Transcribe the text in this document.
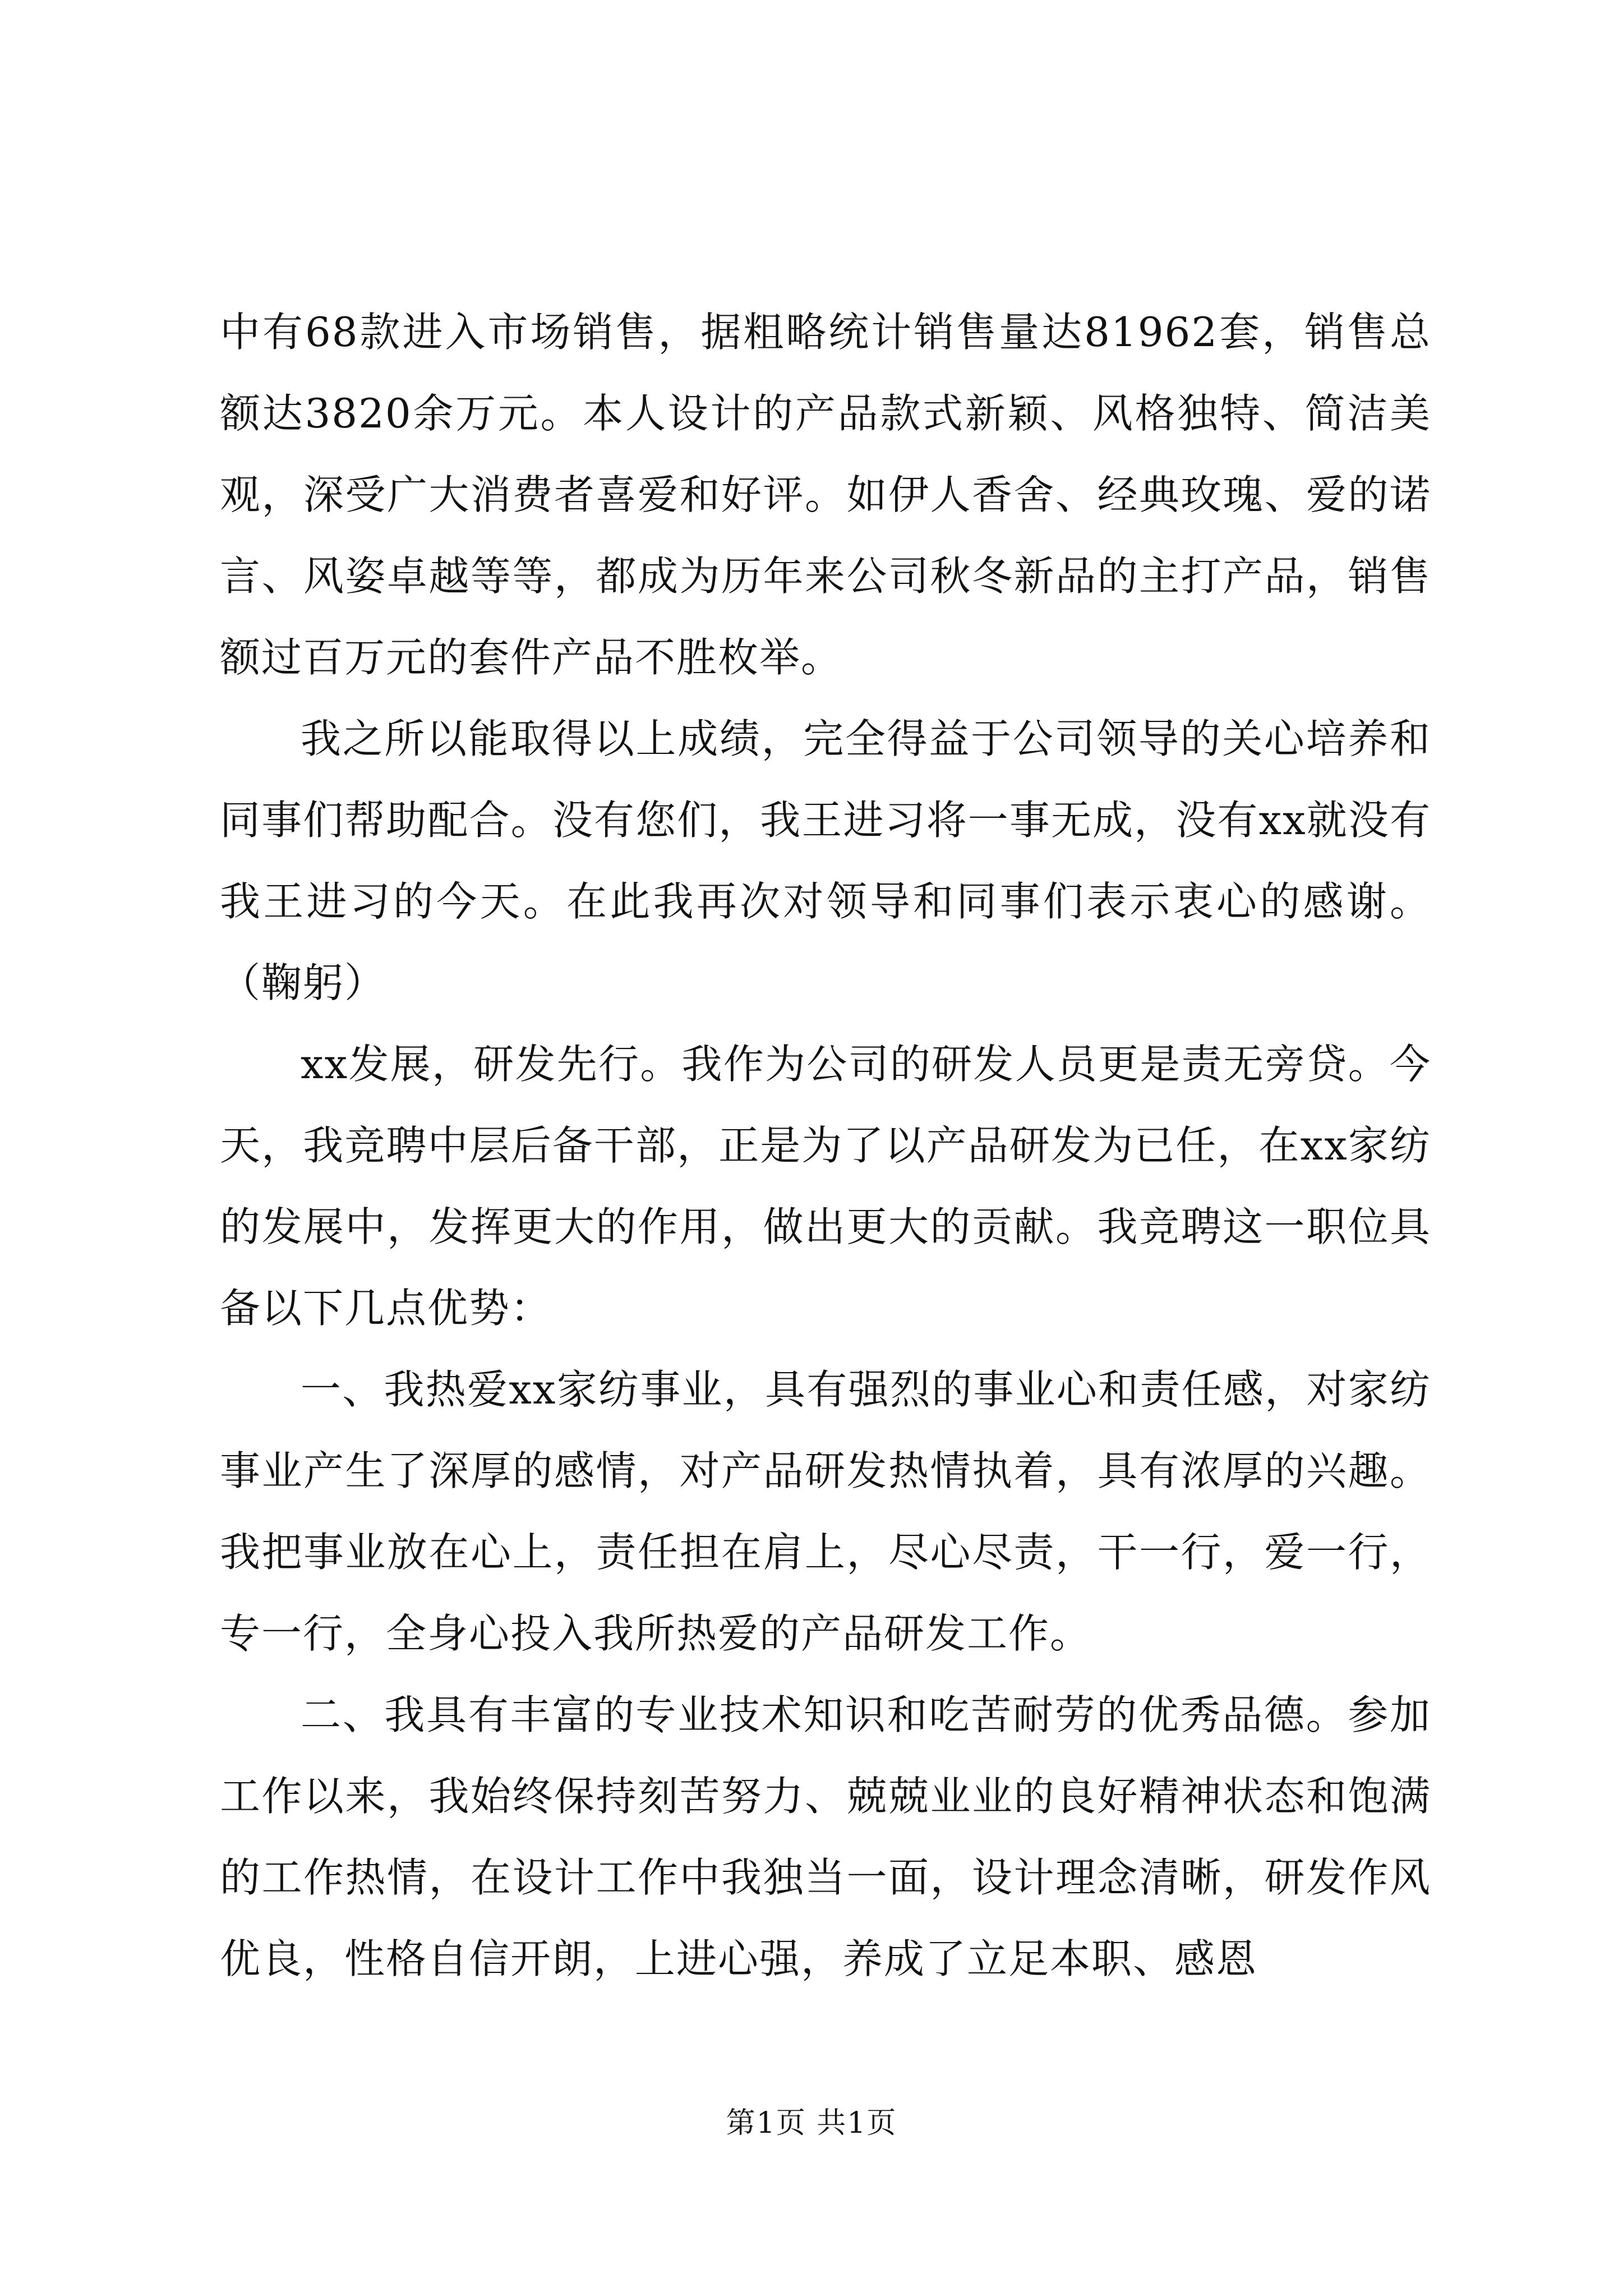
中有68款进入市场销售，据粗略统计销售量达81962套，销售总额达3820余万元。本人设计的产品款式新颖、风格独特、简洁美观，深受广大消费者喜爱和好评。如伊人香舍、经典玫瑰、爱的诺言、风姿卓越等等，都成为历年来公司秋冬新品的主打产品，销售额过百万元的套件产品不胜枚举。

我之所以能取得以上成绩，完全得益于公司领导的关心培养和同事们帮助配合。没有您们，我王进习将一事无成，没有xx就没有我王进习的今天。在此我再次对领导和同事们表示衷心的感谢。（鞠躬）

xx发展，研发先行。我作为公司的研发人员更是责无旁贷。今天，我竞聘中层后备干部，正是为了以产品研发为已任，在xx家纺的发展中，发挥更大的作用，做出更大的贡献。我竞聘这一职位具备以下几点优势：

一、我热爱xx家纺事业，具有强烈的事业心和责任感，对家纺事业产生了深厚的感情，对产品研发热情执着，具有浓厚的兴趣。我把事业放在心上，责任担在肩上，尽心尽责，干一行，爱一行，专一行，全身心投入我所热爱的产品研发工作。

二、我具有丰富的专业技术知识和吃苦耐劳的优秀品德。参加工作以来，我始终保持刻苦努力、兢兢业业的良好精神状态和饱满的工作热情，在设计工作中我独当一面，设计理念清晰，研发作风优良，性格自信开朗，上进心强，养成了立足本职、感恩

第1页 共1页
